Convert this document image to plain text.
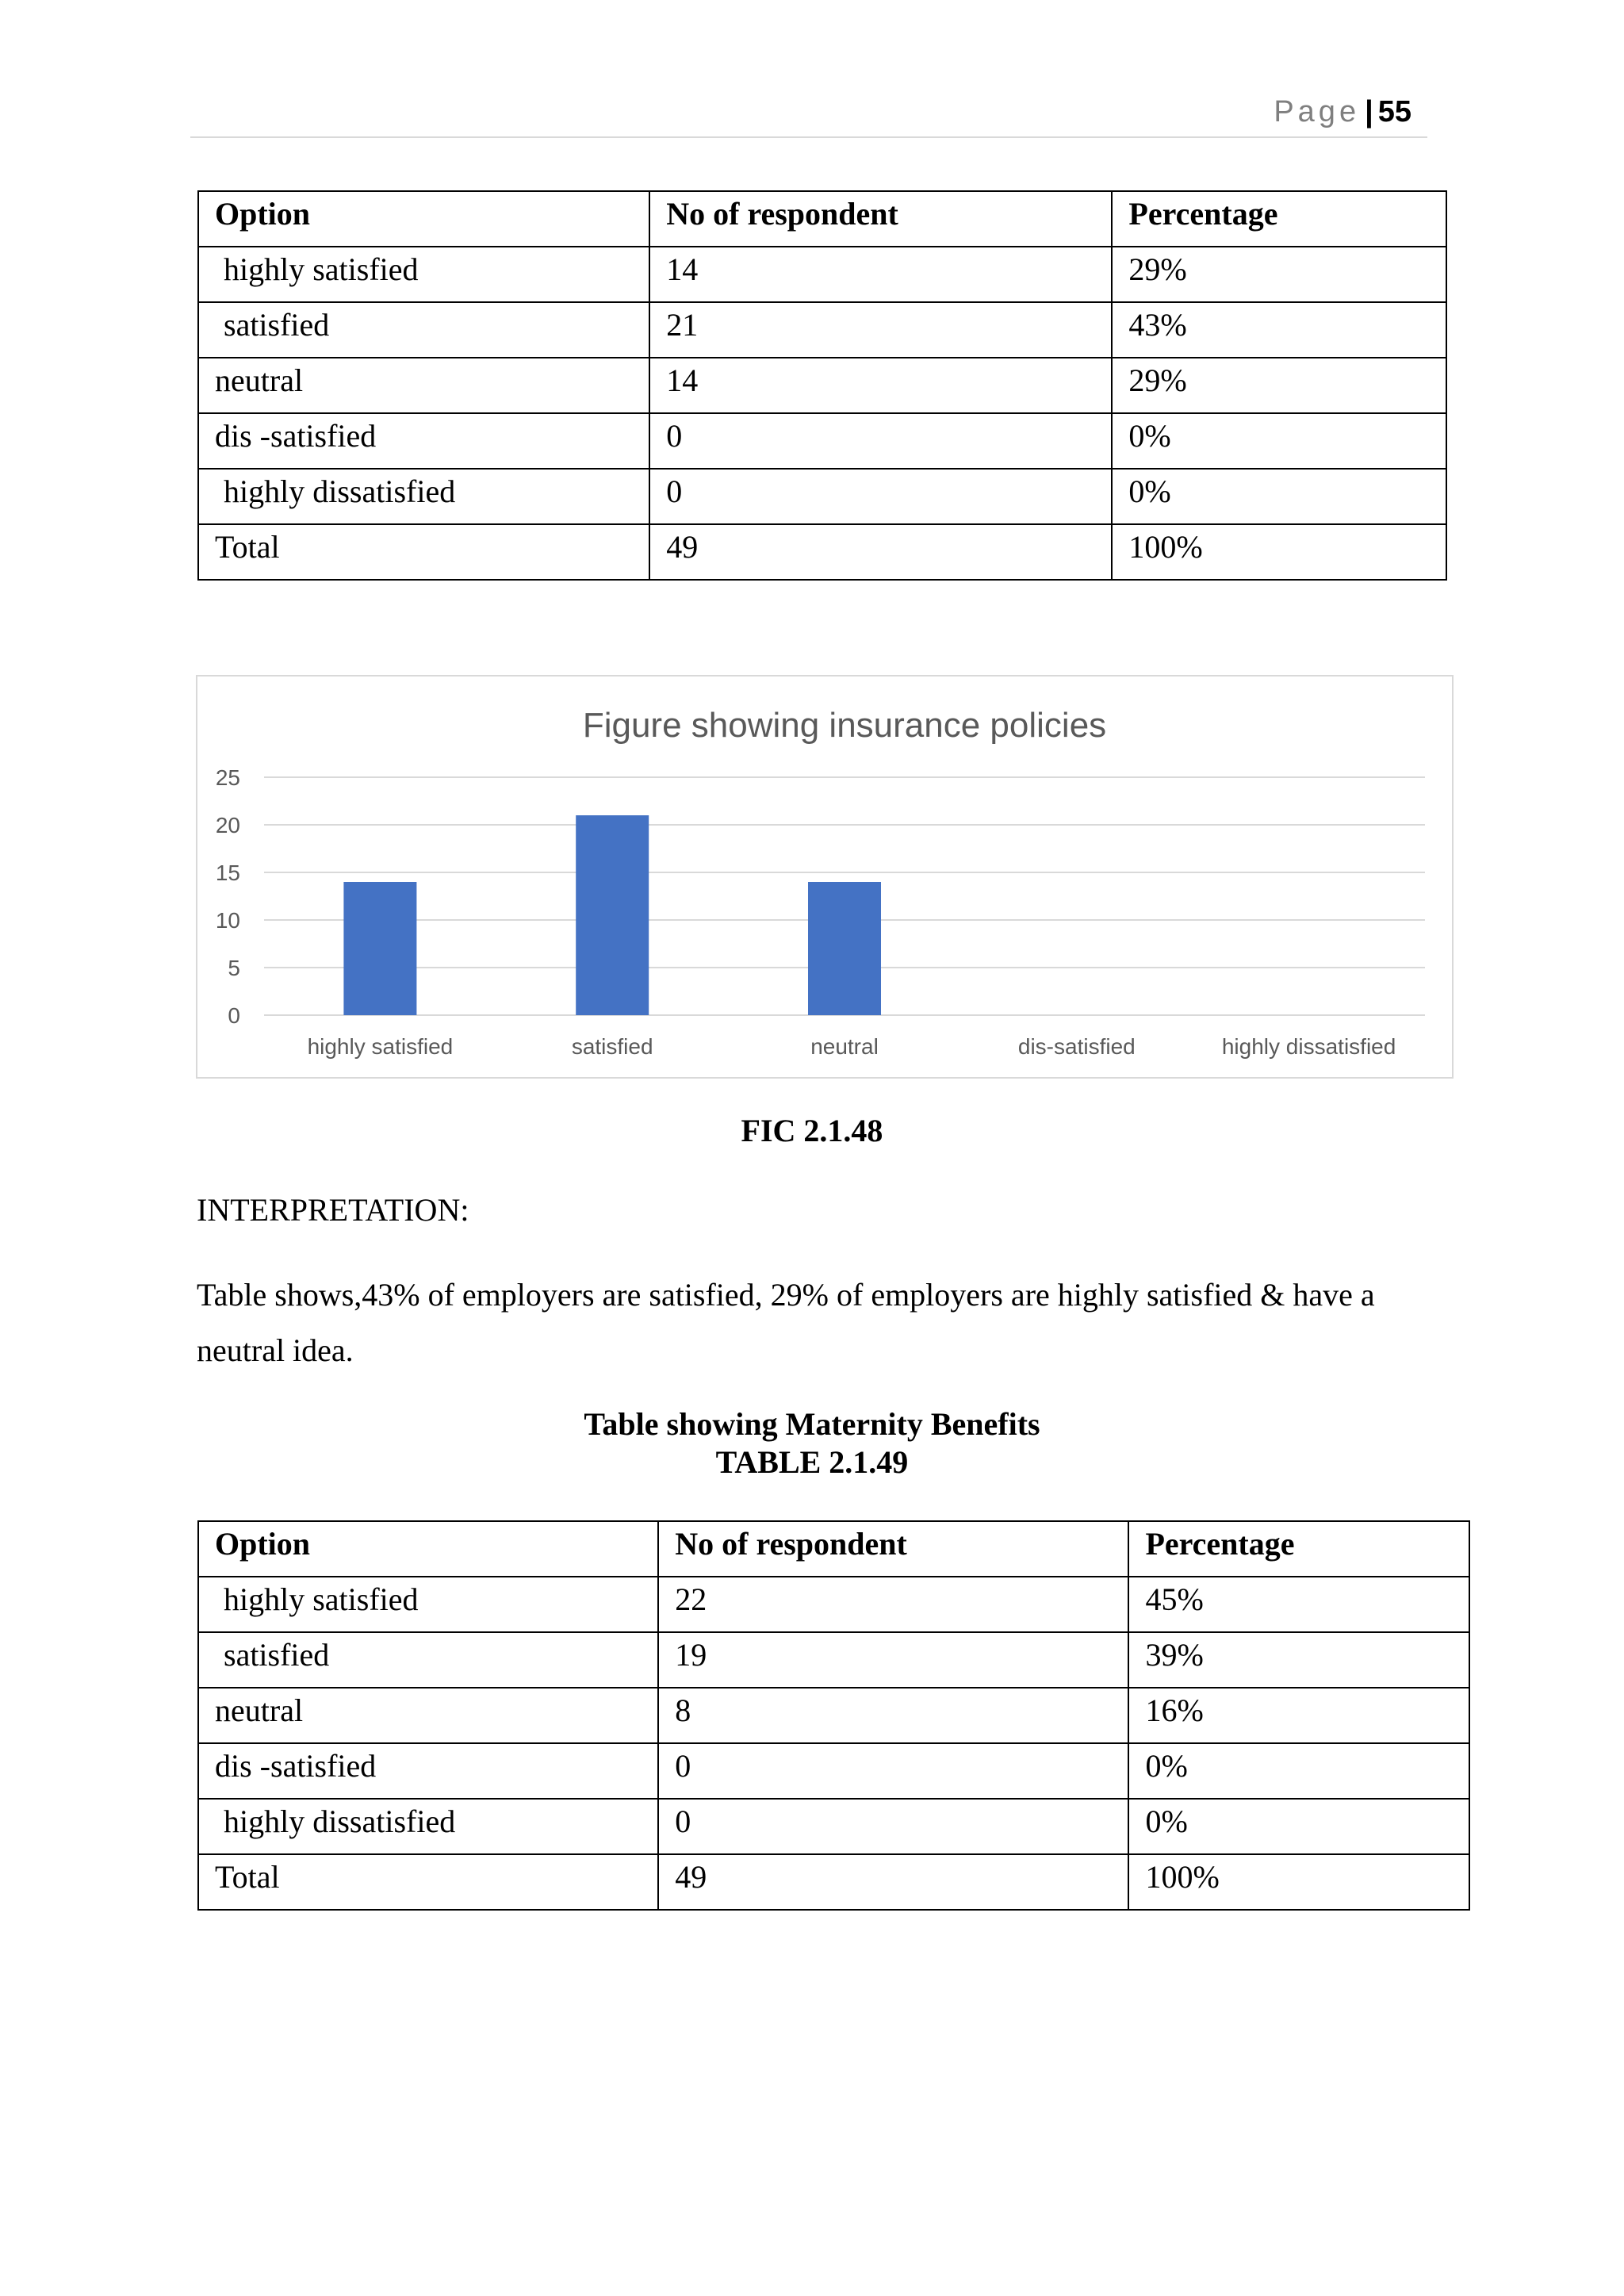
Page | 55
Option	No of respondent	Percentage
highly satisfied	14	29%
satisfied	21	43%
neutral	14	29%
dis -satisfied	0	0%
highly dissatisfied	0	0%
Total	49	100%
Figure showing insurance policies
0
5
10
15
20
25
highly satisfied	satisfied	neutral	dis-satisfied	highly dissatisfied
FIC 2.1.48
INTERPRETATION:
Table shows,43% of employers are satisfied, 29% of employers are highly satisfied & have a neutral idea.
Table showing Maternity Benefits
TABLE 2.1.49
Option	No of respondent	Percentage
highly satisfied	22	45%
satisfied	19	39%
neutral	8	16%
dis -satisfied	0	0%
highly dissatisfied	0	0%
Total	49	100%
